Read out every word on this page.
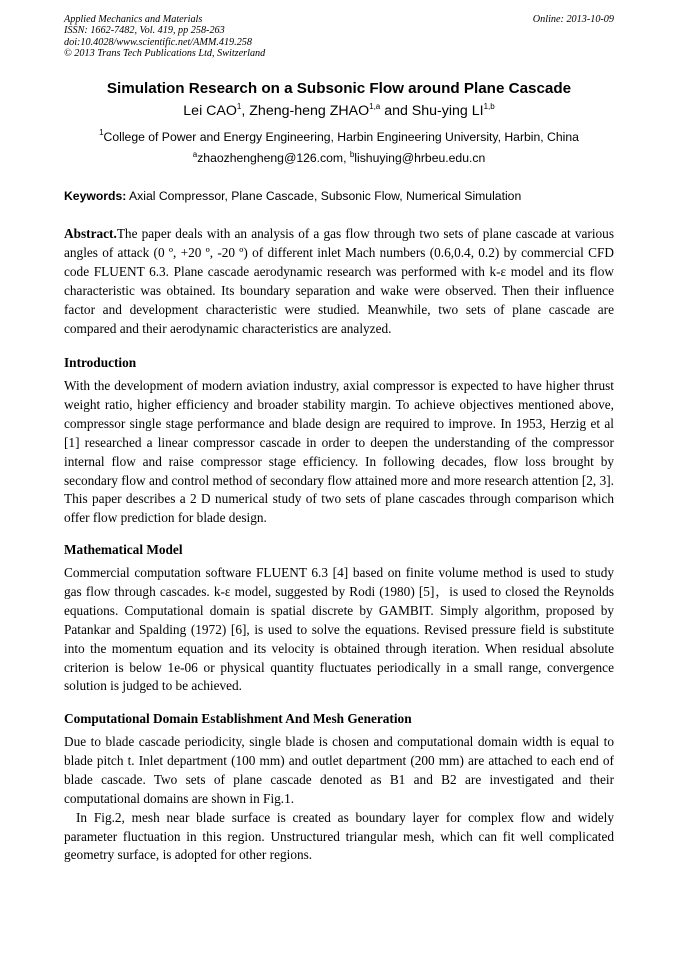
Applied Mechanics and Materials
ISSN: 1662-7482, Vol. 419, pp 258-263
doi:10.4028/www.scientific.net/AMM.419.258
© 2013 Trans Tech Publications Ltd, Switzerland
Online: 2013-10-09
Simulation Research on a Subsonic Flow around Plane Cascade
Lei CAO$^1$, Zheng-heng ZHAO$^{1,a}$ and Shu-ying LI$^{1,b}$
$^1$College of Power and Energy Engineering, Harbin Engineering University, Harbin, China
$^a$zhaozhengheng@126.com, $^b$lishuying@hrbeu.edu.cn
Keywords: Axial Compressor, Plane Cascade, Subsonic Flow, Numerical Simulation

Abstract.The paper deals with an analysis of a gas flow through two sets of plane cascade at various angles of attack (0 º, +20 º, -20 º) of different inlet Mach numbers (0.6,0.4, 0.2) by commercial CFD code FLUENT 6.3. Plane cascade aerodynamic research was performed with k-ε model and its flow characteristic was obtained. Its boundary separation and wake were observed. Then their influence factor and development characteristic were studied. Meanwhile, two sets of plane cascade are compared and their aerodynamic characteristics are analyzed.

Introduction

With the development of modern aviation industry, axial compressor is expected to have higher thrust weight ratio, higher efficiency and broader stability margin. To achieve objectives mentioned above, compressor single stage performance and blade design are required to improve. In 1953, Herzig et al [1] researched a linear compressor cascade in order to deepen the understanding of the compressor internal flow and raise compressor stage efficiency. In following decades, flow loss brought by secondary flow and control method of secondary flow attained more and more research attention [2, 3]. This paper describes a 2 D numerical study of two sets of plane cascades through comparison which offer flow prediction for blade design.

Mathematical Model

Commercial computation software FLUENT 6.3 [4] based on finite volume method is used to study gas flow through cascades. k-ε model, suggested by Rodi (1980) [5]，is used to closed the Reynolds equations. Computational domain is spatial discrete by GAMBIT. Simply algorithm, proposed by Patankar and Spalding (1972) [6], is used to solve the equations. Revised pressure field is substitute into the momentum equation and its velocity is obtained through iteration. When residual absolute criterion is below 1e-06 or physical quantity fluctuates periodically in a small range, convergence solution is judged to be achieved.

Computational Domain Establishment And Mesh Generation

Due to blade cascade periodicity, single blade is chosen and computational domain width is equal to blade pitch t. Inlet department (100 mm) and outlet department (200 mm) are attached to each end of blade cascade. Two sets of plane cascade denoted as B1 and B2 are investigated and their computational domains are shown in Fig.1.

In Fig.2, mesh near blade surface is created as boundary layer for complex flow and widely parameter fluctuation in this region. Unstructured triangular mesh, which can fit well complicated geometry surface, is adopted for other regions.
